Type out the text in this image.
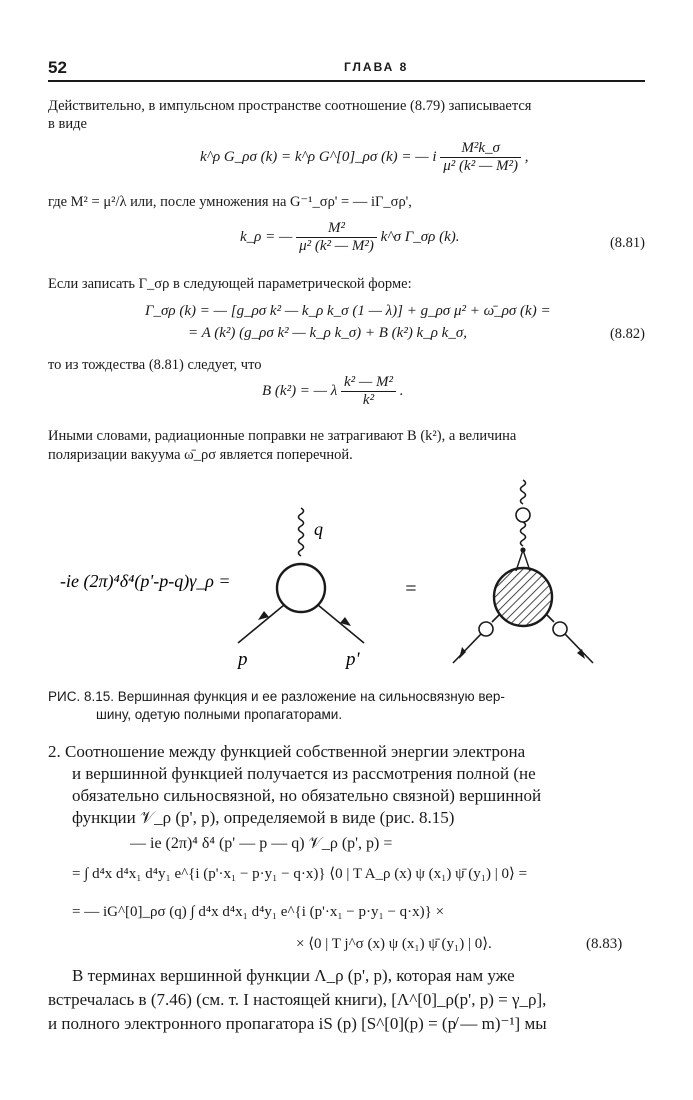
52	ГЛАВА 8
Действительно, в импульсном пространстве соотношение (8.79) записывается
в виде
k^ρ G_ρσ (k) = k^ρ G^[0]_ρσ (k) = — i $\frac{\text{M²k\_σ}}{\text{μ² (k² — M²)}}$ ,
где M² = μ²/λ или, после умножения на G⁻¹_σρ' = — iΓ_σρ',
k_ρ = — $\frac{\text{M²}}{\text{μ² (k² — M²)}}$ k^σ Γ_σρ (k).	(8.81)
Если записать Γ_σρ в следующей параметрической форме:
Γ_σρ (k) = — [g_ρσ k² — k_ρ k_σ (1 — λ)] + g_ρσ μ² + ω̄_ρσ (k) =
= A (k²) (g_ρσ k² — k_ρ k_σ) + B (k²) k_ρ k_σ,	(8.82)
то из тождества (8.81) следует, что
B (k²) = — λ $\frac{\text{k² — M²}}{\text{k²}}$ .
Иными словами, радиационные поправки не затрагивают B (k²), а величина
поляризации вакуума ω̄_ρσ является поперечной.
-ie (2π)⁴δ⁴(p'-p-q)γ_ρ =
q
p	p'
=
РИС. 8.15. Вершинная функция и ее разложение на сильносвязную вер-
шину, одетую полными пропагаторами.
2. Соотношение между функцией собственной энергии электрона
и вершинной функцией получается из рассмотрения полной (не
обязательно сильносвязной, но обязательно связной) вершинной
функции 𝒱_ρ (p', p), определяемой в виде (рис. 8.15)
— ie (2π)⁴ δ⁴ (p' — p — q) 𝒱_ρ (p', p) =
= ∫ d⁴x d⁴x₁ d⁴y₁ e^{i (p'·x₁ − p·y₁ − q·x)} ⟨0 | T A_ρ (x) ψ (x₁) ψ̄ (y₁) | 0⟩ =
= — iG^[0]_ρσ (q) ∫ d⁴x d⁴x₁ d⁴y₁ e^{i (p'·x₁ − p·y₁ − q·x)} ×
× ⟨0 | T j^σ (x) ψ (x₁) ψ̄ (y₁) | 0⟩.	(8.83)
В терминах вершинной функции Λ_ρ (p', p), которая нам уже
встречалась в (7.46) (см. т. I настоящей книги), [Λ^[0]_ρ(p', p) = γ_ρ],
и полного электронного пропагатора iS (p) [S^[0](p) = (p̸ — m)⁻¹] мы
